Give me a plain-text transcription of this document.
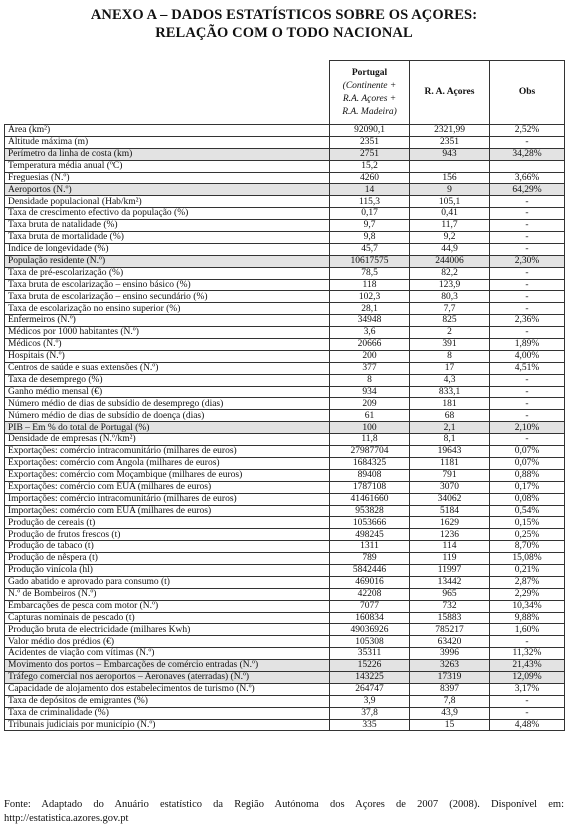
ANEXO A – DADOS ESTATÍSTICOS SOBRE OS AÇORES:
RELAÇÃO COM O TODO NACIONAL

	Portugal
(Continente +
R.A. Açores +
R.A. Madeira)	R. A. Açores	Obs
Área (km²)	92090,1	2321,99	2,52%
Altitude máxima (m)	2351	2351	-
Perímetro da linha de costa (km)	2751	943	34,28%
Temperatura média anual (ºC)	15,2		
Freguesias (N.º)	4260	156	3,66%
Aeroportos (N.º)	14	9	64,29%
Densidade populacional (Hab/km²)	115,3	105,1	-
Taxa de crescimento efectivo da população (%)	0,17	0,41	-
Taxa bruta de natalidade (%)	9,7	11,7	-
Taxa bruta de mortalidade (%)	9,8	9,2	-
Índice de longevidade (%)	45,7	44,9	-
População residente (N.º)	10617575	244006	2,30%
Taxa de pré-escolarização (%)	78,5	82,2	-
Taxa bruta de escolarização – ensino básico (%)	118	123,9	-
Taxa bruta de escolarização – ensino secundário (%)	102,3	80,3	-
Taxa de escolarização no ensino superior (%)	28,1	7,7	-
Enfermeiros (N.º)	34948	825	2,36%
Médicos por 1000 habitantes (N.º)	3,6	2	-
Médicos (N.º)	20666	391	1,89%
Hospitais (N.º)	200	8	4,00%
Centros de saúde e suas extensões (N.º)	377	17	4,51%
Taxa de desemprego (%)	8	4,3	-
Ganho médio mensal (€)	934	833,1	-
Número médio de dias de subsídio de desemprego (dias)	209	181	-
Número médio de dias de subsídio de doença (dias)	61	68	-
PIB – Em % do total de Portugal (%)	100	2,1	2,10%
Densidade de empresas (N.º/km²)	11,8	8,1	-
Exportações: comércio intracomunitário (milhares de euros)	27987704	19643	0,07%
Exportações: comércio com Angola (milhares de euros)	1684325	1181	0,07%
Exportações: comércio com Moçambique (milhares de euros)	89408	791	0,88%
Exportações: comércio com EUA (milhares de euros)	1787108	3070	0,17%
Importações: comércio intracomunitário (milhares de euros)	41461660	34062	0,08%
Importações: comércio com EUA (milhares de euros)	953828	5184	0,54%
Produção de cereais (t)	1053666	1629	0,15%
Produção de frutos frescos (t)	498245	1236	0,25%
Produção de tabaco (t)	1311	114	8,70%
Produção de nêspera (t)	789	119	15,08%
Produção vinícola (hl)	5842446	11997	0,21%
Gado abatido e aprovado para consumo (t)	469016	13442	2,87%
N.º de Bombeiros (N.º)	42208	965	2,29%
Embarcações de pesca com motor (N.º)	7077	732	10,34%
Capturas nominais de pescado (t)	160834	15883	9,88%
Produção bruta de electricidade (milhares Kwh)	49036926	785217	1,60%
Valor médio dos prédios (€)	105308	63420	-
Acidentes de viação com vítimas (N.º)	35311	3996	11,32%
Movimento dos portos – Embarcações de comércio entradas (N.º)	15226	3263	21,43%
Tráfego comercial nos aeroportos – Aeronaves (aterradas) (N.º)	143225	17319	12,09%
Capacidade de alojamento dos estabelecimentos de turismo (N.º)	264747	8397	3,17%
Taxa de depósitos de emigrantes (%)	3,9	7,8	-
Taxa de criminalidade (%)	37,8	43,9	-
Tribunais judiciais por município (N.º)	335	15	4,48%
Fonte: Adaptado do Anuário estatístico da Região Autónoma dos Açores de 2007 (2008). Disponível em: http://estatistica.azores.gov.pt
